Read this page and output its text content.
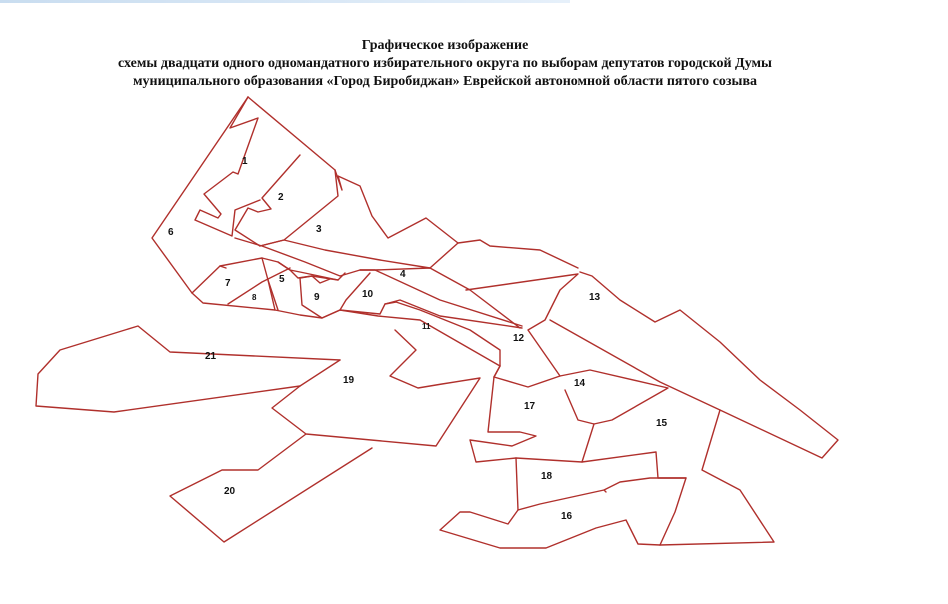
Графическое изображение
схемы двадцати одного одномандатного избирательного округа по выборам депутатов городской Думы
муниципального образования «Город Биробиджан» Еврейской автономной области пятого созыва
1
2
3
4
5
6
7
8	9	10
11
12
13
14
15
16
17
18
19
20
21
